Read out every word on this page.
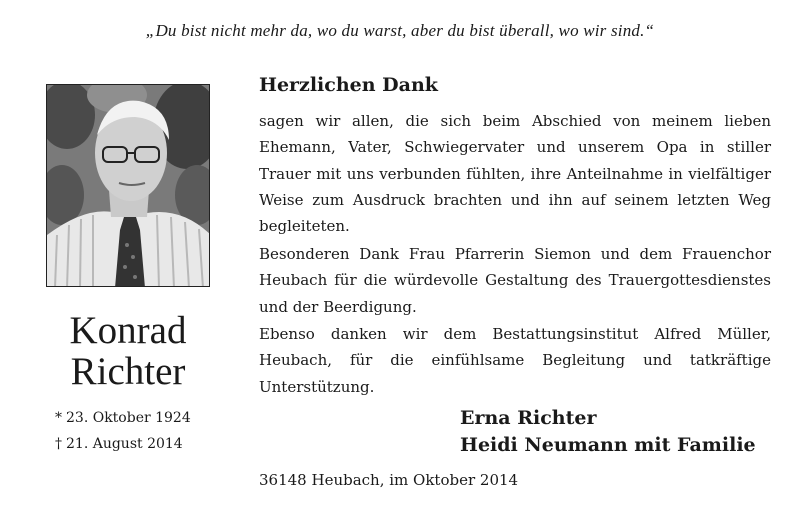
„Du bist nicht mehr da, wo du warst, aber du bist überall, wo wir sind.“
Konrad
Richter
* 23. Oktober 1924
† 21. August 2014
Herzlichen Dank
sagen wir allen, die sich beim Abschied von meinem lieben Ehemann, Vater, Schwiegervater und unserem Opa in stiller Trauer mit uns verbunden fühlten, ihre Anteilnahme in vielfältiger Weise zum Ausdruck brachten und ihn auf seinem letzten Weg begleiteten.
Besonderen Dank Frau Pfarrerin Siemon und dem Frauenchor Heubach für die würdevolle Gestaltung des Trauergottesdienstes und der Beerdigung.
Ebenso danken wir dem Bestattungsinstitut Alfred Müller, Heubach, für die einfühlsame Begleitung und tatkräftige Unterstützung.
Erna Richter
Heidi Neumann mit Familie
36148 Heubach, im Oktober 2014
